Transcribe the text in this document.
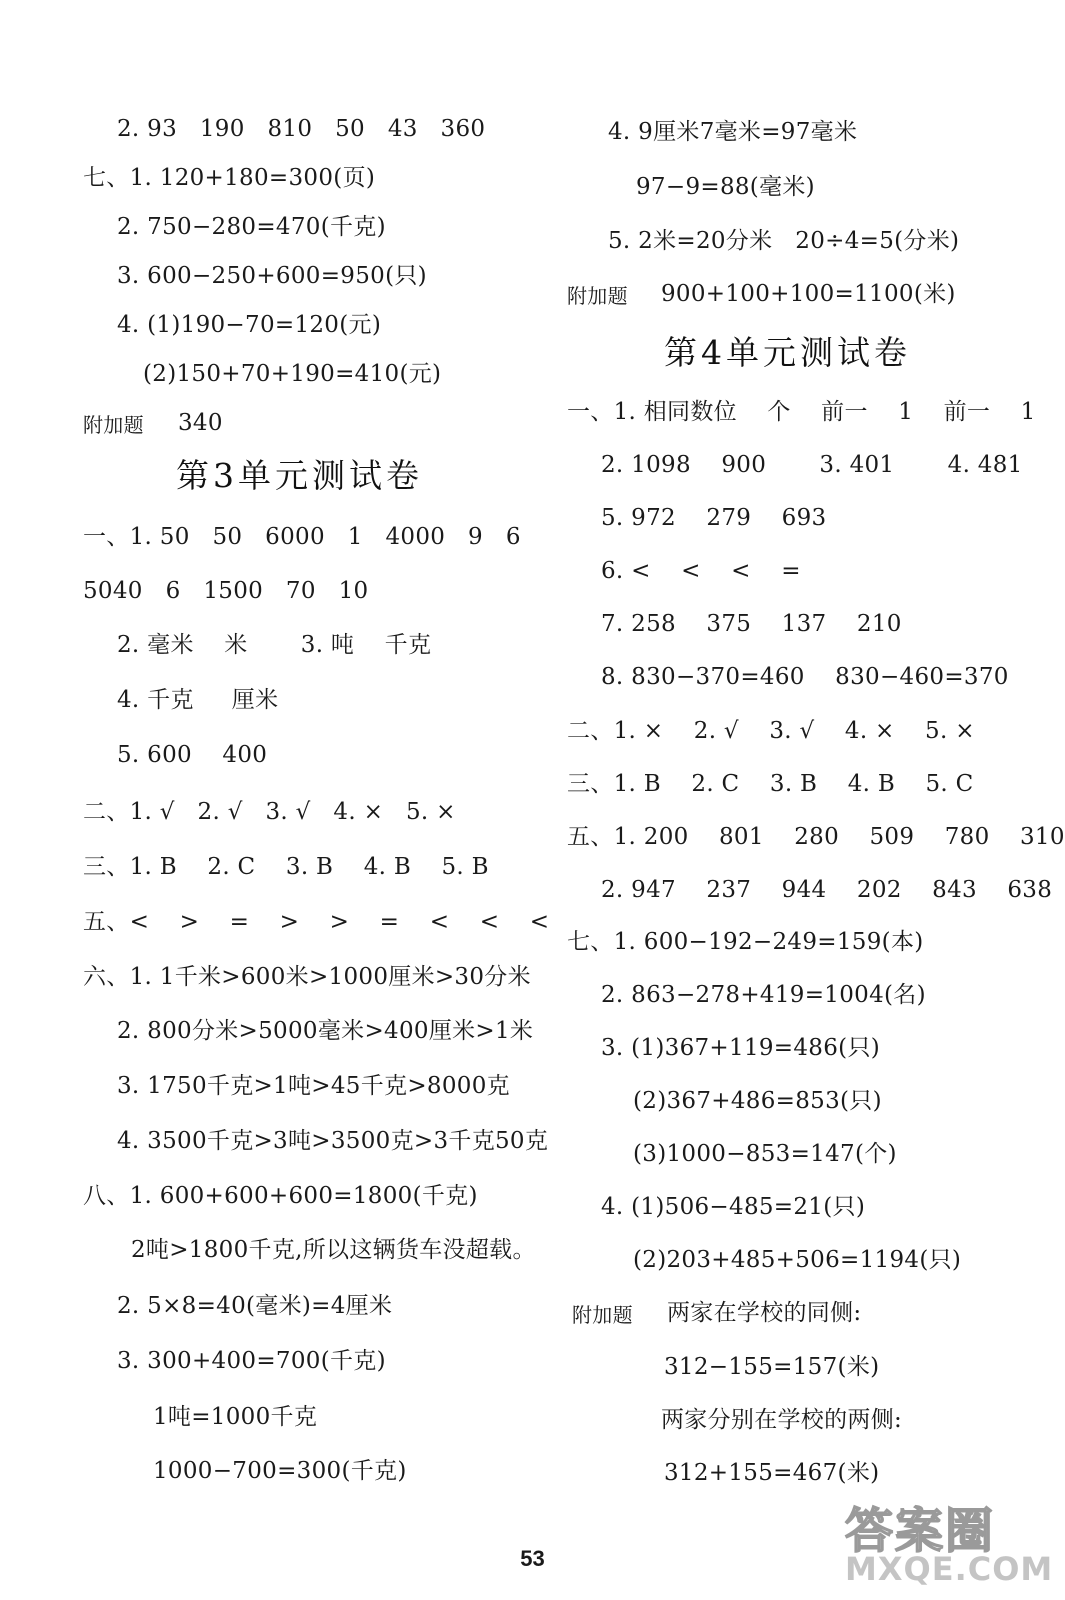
2. 93   190   810   50   43   360
七、1. 120+180=300(页)
2. 750−280=470(千克)
3. 600−250+600=950(只)
4. (1)190−70=120(元)
(2)150+70+190=410(元)
附加题 340
第3单元测试卷
一、1. 50   50   6000   1   4000   9   6
5040   6   1500   70   10
2. 毫米    米       3. 吨    千克
4. 千克     厘米
5. 600    400
二、1. √   2. √   3. √   4. ×   5. ×
三、1. B    2. C    3. B    4. B    5. B
五、<    >    =    >    >    =    <    <    <
六、1. 1千米>600米>1000厘米>30分米
2. 800分米>5000毫米>400厘米>1米
3. 1750千克>1吨>45千克>8000克
4. 3500千克>3吨>3500克>3千克50克
八、1. 600+600+600=1800(千克)
2吨>1800千克,所以这辆货车没超载。
2. 5×8=40(毫米)=4厘米
3. 300+400=700(千克)
1吨=1000千克
1000−700=300(千克)
4. 9厘米7毫米=97毫米
97−9=88(毫米)
5. 2米=20分米   20÷4=5(分米)
附加题 900+100+100=1100(米)
第4单元测试卷
一、1. 相同数位    个    前一    1    前一    1
2. 1098    900       3. 401       4. 481
5. 972    279    693
6. <    <    <    =
7. 258    375    137    210
8. 830−370=460    830−460=370
二、1. ×    2. √    3. √    4. ×    5. ×
三、1. B    2. C    3. B    4. B    5. C
五、1. 200    801    280    509    780    310
2. 947    237    944    202    843    638
七、1. 600−192−249=159(本)
2. 863−278+419=1004(名)
3. (1)367+119=486(只)
(2)367+486=853(只)
(3)1000−853=147(个)
4. (1)506−485=21(只)
(2)203+485+506=1194(只)
附加题 两家在学校的同侧:
312−155=157(米)
两家分别在学校的两侧:
312+155=467(米)
53	答案圈
MXQE.COM
